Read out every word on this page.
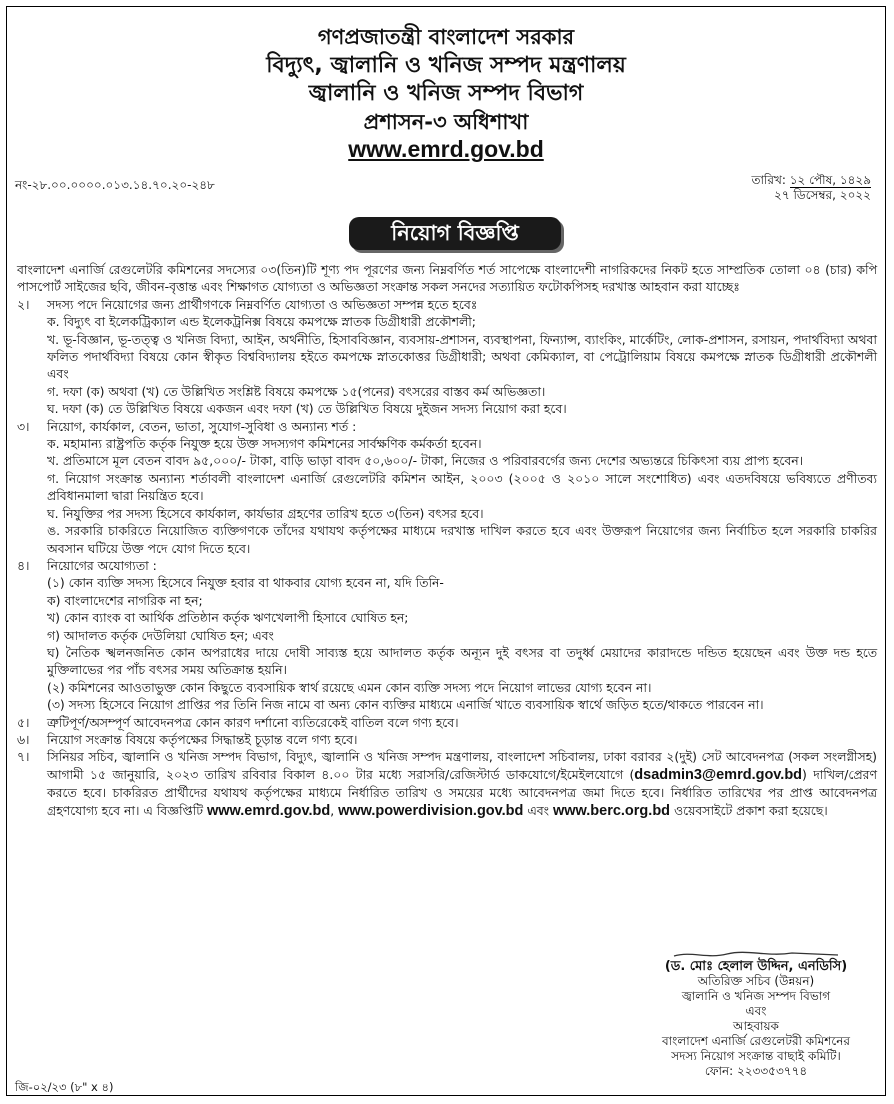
গণপ্রজাতন্ত্রী বাংলাদেশ সরকার
বিদ্যুৎ, জ্বালানি ও খনিজ সম্পদ মন্ত্রণালয়
জ্বালানি ও খনিজ সম্পদ বিভাগ
প্রশাসন-৩ অধিশাখা
www.emrd.gov.bd
নং-২৮.০০.০০০০.০১৩.১৪.৭০.২০-২৪৮	তারিখ: ১২ পৌষ, ১৪২৯
২৭ ডিসেম্বর, ২০২২
নিয়োগ বিজ্ঞপ্তি

বাংলাদেশ এনার্জি রেগুলেটরি কমিশনের সদস্যের ০৩(তিন)টি শূণ্য পদ পূরণের জন্য নিম্নবর্ণিত শর্ত সাপেক্ষে বাংলাদেশী নাগরিকদের নিকট হতে সাম্প্রতিক তোলা ০৪ (চার) কপি পাসপোর্ট সাইজের ছবি, জীবন-বৃত্তান্ত এবং শিক্ষাগত যোগ্যতা ও অভিজ্ঞতা সংক্রান্ত সকল সনদের সত্যায়িত ফটোকপিসহ দরখাস্ত আহবান করা যাচ্ছেঃ

২।	সদস্য পদে নিয়োগের জন্য প্রার্থীগণকে নিম্নবর্ণিত যোগ্যতা ও অভিজ্ঞতা সম্পন্ন হতে হবেঃ
ক. বিদ্যুৎ বা ইলেকট্রিক্যাল এন্ড ইলেকট্রনিক্স বিষয়ে কমপক্ষে স্নাতক ডিগ্রীধারী প্রকৌশলী;
খ. ভূ-বিজ্ঞান, ভূ-তত্ত্ব ও খনিজ বিদ্যা, আইন, অর্থনীতি, হিসাববিজ্ঞান, ব্যবসায়-প্রশাসন, ব্যবস্থাপনা, ফিন্যান্স, ব্যাংকিং, মার্কেটিং, লোক-প্রশাসন, রসায়ন, পদার্থবিদ্যা অথবা ফলিত পদার্থবিদ্যা বিষয়ে কোন স্বীকৃত বিশ্ববিদ্যালয় হইতে কমপক্ষে স্নাতকোত্তর ডিগ্রীধারী; অথবা কেমিক্যাল, বা পেট্রোলিয়াম বিষয়ে কমপক্ষে স্নাতক ডিগ্রীধারী প্রকৌশলী এবং
গ. দফা (ক) অথবা (খ) তে উল্লিখিত সংশ্লিষ্ট বিষয়ে কমপক্ষে ১৫(পনের) বৎসরের বাস্তব কর্ম অভিজ্ঞতা।
ঘ. দফা (ক) তে উল্লিখিত বিষয়ে একজন এবং দফা (খ) তে উল্লিখিত বিষয়ে দুইজন সদস্য নিয়োগ করা হবে।
৩।	নিয়োগ, কার্যকাল, বেতন, ভাতা, সুযোগ-সুবিধা ও অন্যান্য শর্ত :
ক. মহামান্য রাষ্ট্রপতি কর্তৃক নিযুক্ত হয়ে উক্ত সদস্যগণ কমিশনের সার্বক্ষণিক কর্মকর্তা হবেন।
খ. প্রতিমাসে মূল বেতন বাবদ ৯৫,০০০/- টাকা, বাড়ি ভাড়া বাবদ ৫০,৬০০/- টাকা, নিজের ও পরিবারবর্গের জন্য দেশের অভ্যন্তরে চিকিৎসা ব্যয় প্রাপ্য হবেন।
গ. নিয়োগ সংক্রান্ত অন্যান্য শর্তাবলী বাংলাদেশ এনার্জি রেগুলেটরি কমিশন আইন, ২০০৩ (২০০৫ ও ২০১০ সালে সংশোধিত) এবং এতদবিষয়ে ভবিষ্যতে প্রণীতব্য প্রবিধানমালা দ্বারা নিয়ন্ত্রিত হবে।
ঘ. নিযুক্তির পর সদস্য হিসেবে কার্যকাল, কার্যভার গ্রহণের তারিখ হতে ৩(তিন) বৎসর হবে।
ঙ. সরকারি চাকরিতে নিয়োজিত ব্যক্তিগণকে তাঁদের যথাযথ কর্তৃপক্ষের মাধ্যমে দরখাস্ত দাখিল করতে হবে এবং উক্তরূপ নিয়োগের জন্য নির্বাচিত হলে সরকারি চাকরির অবসান ঘটিয়ে উক্ত পদে যোগ দিতে হবে।
৪।	নিয়োগের অযোগ্যতা :
(১) কোন ব্যক্তি সদস্য হিসেবে নিযুক্ত হবার বা থাকবার যোগ্য হবেন না, যদি তিনি-
ক) বাংলাদেশের নাগরিক না হন;
খ) কোন ব্যাংক বা আর্থিক প্রতিষ্ঠান কর্তৃক ঋণখেলাপী হিসাবে ঘোষিত হন;
গ) আদালত কর্তৃক দেউলিয়া ঘোষিত হন; এবং
ঘ) নৈতিক স্খলনজনিত কোন অপরাধের দায়ে দোষী সাব্যস্ত হয়ে আদালত কর্তৃক অন্যূন দুই বৎসর বা তদুর্ধ্ব মেয়াদের কারাদন্ডে দন্ডিত হয়েছেন এবং উক্ত দন্ড হতে মুক্তিলাভের পর পাঁচ বৎসর সময় অতিক্রান্ত হয়নি।
(২) কমিশনের আওতাভুক্ত কোন কিছুতে ব্যবসায়িক স্বার্থ রয়েছে এমন কোন ব্যক্তি সদস্য পদে নিয়োগ লাভের যোগ্য হবেন না।
(৩) সদস্য হিসেবে নিয়োগ প্রাপ্তির পর তিনি নিজ নামে বা অন্য কোন ব্যক্তির মাধ্যমে এনার্জি খাতে ব্যবসায়িক স্বার্থে জড়িত হতে/থাকতে পারবেন না।
৫।	ত্রুটিপূর্ণ/অসম্পূর্ণ আবেদনপত্র কোন কারণ দর্শানো ব্যতিরেকেই বাতিল বলে গণ্য হবে।
৬।	নিয়োগ সংক্রান্ত বিষয়ে কর্তৃপক্ষের সিদ্ধান্তই চূড়ান্ত বলে গণ্য হবে।
৭।	সিনিয়র সচিব, জ্বালানি ও খনিজ সম্পদ বিভাগ, বিদ্যুৎ, জ্বালানি ও খনিজ সম্পদ মন্ত্রণালয়, বাংলাদেশ সচিবালয়, ঢাকা বরাবর ২(দুই) সেট আবেদনপত্র (সকল সংলগ্নীসহ) আগামী ১৫ জানুয়ারি, ২০২৩ তারিখ রবিবার বিকাল ৪.০০ টার মধ্যে সরাসরি/রেজিস্টার্ড ডাকযোগে/ইমেইলযোগে (dsadmin3@emrd.gov.bd) দাখিল/প্রেরণ করতে হবে। চাকরিরত প্রার্থীদের যথাযথ কর্তৃপক্ষের মাধ্যমে নির্ধারিত তারিখ ও সময়ের মধ্যে আবেদনপত্র জমা দিতে হবে। নির্ধারিত তারিখের পর প্রাপ্ত আবেদনপত্র গ্রহণযোগ্য হবে না। এ বিজ্ঞপ্তিটি www.emrd.gov.bd, www.powerdivision.gov.bd এবং www.berc.org.bd ওয়েবসাইটে প্রকাশ করা হয়েছে।
(ড. মোঃ হেলাল উদ্দিন, এনডিসি)
অতিরিক্ত সচিব (উন্নয়ন)
জ্বালানি ও খনিজ সম্পদ বিভাগ
এবং
আহবায়ক
বাংলাদেশ এনার্জি রেগুলেটরী কমিশনের
সদস্য নিয়োগ সংক্রান্ত বাছাই কমিটি।
ফোন: ২২৩৩৫৩৭৭৪
জি-০২/২৩ (৮" x ৪)
